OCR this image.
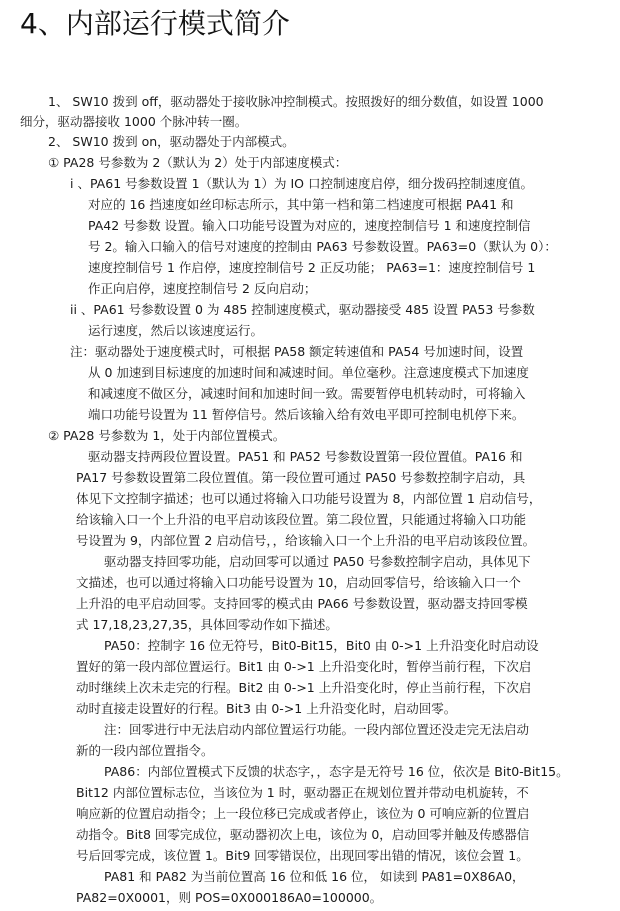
4、内部运行模式简介
1、 SW10 拨到 off，驱动器处于接收脉冲控制模式。按照拨好的细分数值，如设置 1000
细分，驱动器接收 1000 个脉冲转一圈。
2、 SW10 拨到 on，驱动器处于内部模式。
① PA28 号参数为 2（默认为 2）处于内部速度模式：
i 、PA61 号参数设置 1（默认为 1）为 IO 口控制速度启停，细分拨码控制速度值。
对应的 16 挡速度如丝印标志所示，其中第一档和第二档速度可根据 PA41 和
PA42 号参数 设置。输入口功能号设置为对应的，速度控制信号 1 和速度控制信
号 2。输入口输入的信号对速度的控制由 PA63 号参数设置。PA63=0（默认为 0）：
速度控制信号 1 作启停，速度控制信号 2 正反功能； PA63=1：速度控制信号 1
作正向启停，速度控制信号 2 反向启动；
ii 、PA61 号参数设置 0 为 485 控制速度模式，驱动器接受 485 设置 PA53 号参数
运行速度，然后以该速度运行。
注：驱动器处于速度模式时，可根据 PA58 额定转速值和 PA54 号加速时间，设置
从 0 加速到目标速度的加速时间和减速时间。单位毫秒。注意速度模式下加速度
和减速度不做区分，减速时间和加速时间一致。需要暂停电机转动时，可将输入
端口功能号设置为 11 暂停信号。然后该输入给有效电平即可控制电机停下来。
② PA28 号参数为 1，处于内部位置模式。
驱动器支持两段位置设置。PA51 和 PA52 号参数设置第一段位置值。PA16 和
PA17 号参数设置第二段位置值。第一段位置可通过 PA50 号参数控制字启动，具
体见下文控制字描述；也可以通过将输入口功能号设置为 8，内部位置 1 启动信号，
给该输入口一个上升沿的电平启动该段位置。第二段位置，只能通过将输入口功能
号设置为 9，内部位置 2 启动信号，，给该输入口一个上升沿的电平启动该段位置。
驱动器支持回零功能，启动回零可以通过 PA50 号参数控制字启动，具体见下
文描述，也可以通过将输入口功能号设置为 10，启动回零信号，给该输入口一个
上升沿的电平启动回零。支持回零的模式由 PA66 号参数设置，驱动器支持回零模
式 17,18,23,27,35，具体回零动作如下描述。
PA50：控制字 16 位无符号，Bit0-Bit15，Bit0 由 0->1 上升沿变化时启动设
置好的第一段内部位置运行。Bit1 由 0->1 上升沿变化时，暂停当前行程，下次启
动时继续上次未走完的行程。Bit2 由 0->1 上升沿变化时，停止当前行程，下次启
动时直接走设置好的行程。Bit3 由 0->1 上升沿变化时，启动回零。
注：回零进行中无法启动内部位置运行功能。一段内部位置还没走完无法启动
新的一段内部位置指令。
PA86：内部位置模式下反馈的状态字，，态字是无符号 16 位，依次是 Bit0-Bit15。
Bit12 内部位置标志位，当该位为 1 时，驱动器正在规划位置并带动电机旋转，不
响应新的位置启动指令；上一段位移已完成或者停止，该位为 0 可响应新的位置启
动指令。Bit8 回零完成位，驱动器初次上电，该位为 0，启动回零并触及传感器信
号后回零完成，该位置 1。Bit9 回零错误位，出现回零出错的情况，该位会置 1。
PA81 和 PA82 为当前位置高 16 位和低 16 位， 如读到 PA81=0X86A0，
PA82=0X0001，则 POS=0X000186A0=100000。
